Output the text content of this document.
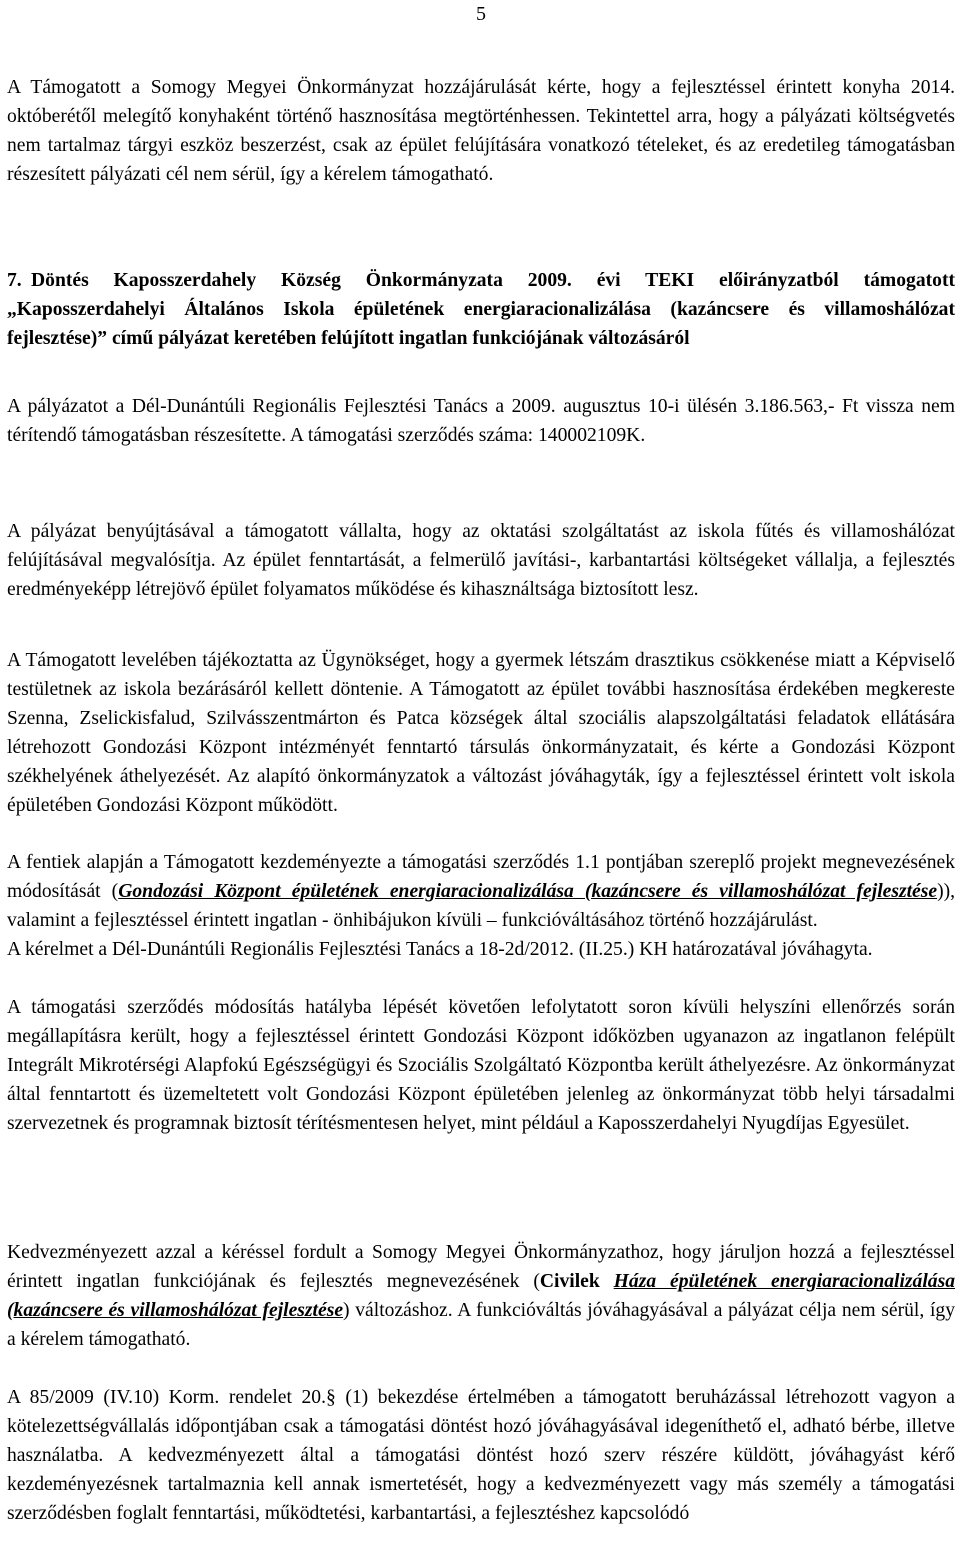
5

A Támogatott a Somogy Megyei Önkormányzat hozzájárulását kérte, hogy a fejlesztéssel érintett konyha 2014. októberétől melegítő konyhaként történő hasznosítása megtörténhessen. Tekintettel arra, hogy a pályázati költségvetés nem tartalmaz tárgyi eszköz beszerzést, csak az épület felújítására vonatkozó tételeket, és az eredetileg támogatásban részesített pályázati cél nem sérül, így a kérelem támogatható.

7. Döntés Kaposszerdahely Község Önkormányzata 2009. évi TEKI előirányzatból támogatott „Kaposszerdahelyi Általános Iskola épületének energiaracionalizálása (kazáncsere és villamoshálózat fejlesztése)” című pályázat keretében felújított ingatlan funkciójának változásáról

A pályázatot a Dél-Dunántúli Regionális Fejlesztési Tanács a 2009. augusztus 10-i ülésén 3.186.563,- Ft vissza nem térítendő támogatásban részesítette. A támogatási szerződés száma: 140002109K.

A pályázat benyújtásával a támogatott vállalta, hogy az oktatási szolgáltatást az iskola fűtés és villamoshálózat felújításával megvalósítja. Az épület fenntartását, a felmerülő javítási-, karbantartási költségeket vállalja, a fejlesztés eredményeképp létrejövő épület folyamatos működése és kihasználtsága biztosított lesz.

A Támogatott levelében tájékoztatta az Ügynökséget, hogy a gyermek létszám drasztikus csökkenése miatt a Képviselő testületnek az iskola bezárásáról kellett döntenie. A Támogatott az épület további hasznosítása érdekében megkereste Szenna, Zselickisfalud, Szilvásszentmárton és Patca községek által szociális alapszolgáltatási feladatok ellátására létrehozott Gondozási Központ intézményét fenntartó társulás önkormányzatait, és kérte a Gondozási Központ székhelyének áthelyezését. Az alapító önkormányzatok a változást jóváhagyták, így a fejlesztéssel érintett volt iskola épületében Gondozási Központ működött.

A fentiek alapján a Támogatott kezdeményezte a támogatási szerződés 1.1 pontjában szereplő projekt megnevezésének módosítását (Gondozási Központ épületének energiaracionalizálása (kazáncsere és villamoshálózat fejlesztése)), valamint a fejlesztéssel érintett ingatlan - önhibájukon kívüli – funkcióváltásához történő hozzájárulást.

A kérelmet a Dél-Dunántúli Regionális Fejlesztési Tanács a 18-2d/2012. (II.25.) KH határozatával jóváhagyta.

A támogatási szerződés módosítás hatályba lépését követően lefolytatott soron kívüli helyszíni ellenőrzés során megállapításra került, hogy a fejlesztéssel érintett Gondozási Központ időközben ugyanazon az ingatlanon felépült Integrált Mikrotérségi Alapfokú Egészségügyi és Szociális Szolgáltató Központba került áthelyezésre. Az önkormányzat által fenntartott és üzemeltetett volt Gondozási Központ épületében jelenleg az önkormányzat több helyi társadalmi szervezetnek és programnak biztosít térítésmentesen helyet, mint például a Kaposszerdahelyi Nyugdíjas Egyesület.

Kedvezményezett azzal a kéréssel fordult a Somogy Megyei Önkormányzathoz, hogy járuljon hozzá a fejlesztéssel érintett ingatlan funkciójának és fejlesztés megnevezésének (Civilek Háza épületének energiaracionalizálása (kazáncsere és villamoshálózat fejlesztése) változáshoz. A funkcióváltás jóváhagyásával a pályázat célja nem sérül, így a kérelem támogatható.

A 85/2009 (IV.10) Korm. rendelet 20.§ (1) bekezdése értelmében a támogatott beruházással létrehozott vagyon a kötelezettségvállalás időpontjában csak a támogatási döntést hozó jóváhagyásával idegeníthető el, adható bérbe, illetve használatba. A kedvezményezett által a támogatási döntést hozó szerv részére küldött, jóváhagyást kérő kezdeményezésnek tartalmaznia kell annak ismertetését, hogy a kedvezményezett vagy más személy a támogatási szerződésben foglalt fenntartási, működtetési, karbantartási, a fejlesztéshez kapcsolódó
